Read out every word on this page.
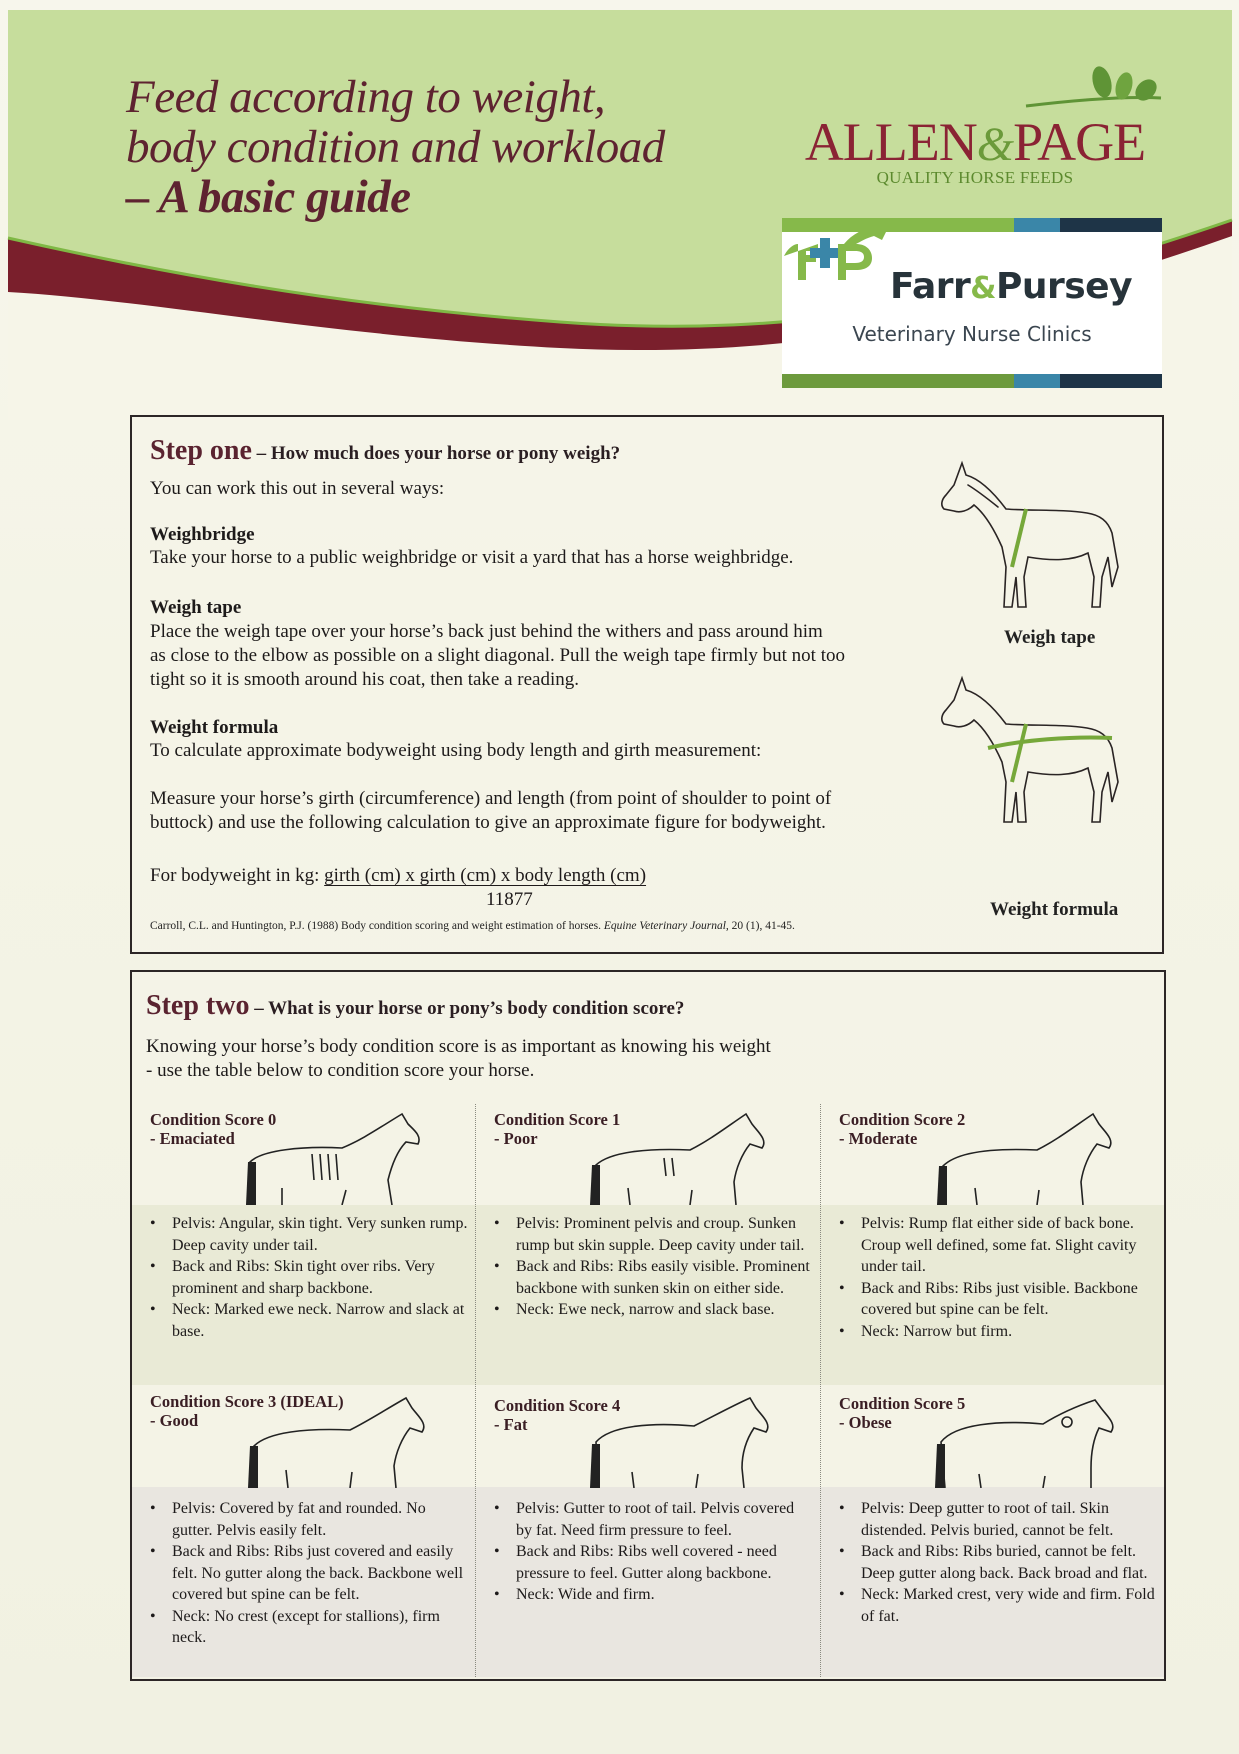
Feed according to weight,
body condition and workload
– A basic guide
ALLEN&PAGE
QUALITY HORSE FEEDS
Farr&Pursey
Veterinary Nurse Clinics
Step one – How much does your horse or pony weigh?
You can work this out in several ways:
Weighbridge
Take your horse to a public weighbridge or visit a yard that has a horse weighbridge.
Weigh tape
Place the weigh tape over your horse’s back just behind the withers and pass around him
as close to the elbow as possible on a slight diagonal. Pull the weigh tape firmly but not too
tight so it is smooth around his coat, then take a reading.
Weight formula
To calculate approximate bodyweight using body length and girth measurement:
Measure your horse’s girth (circumference) and length (from point of shoulder to point of
buttock) and use the following calculation to give an approximate figure for bodyweight.
For bodyweight in kg: girth (cm) x girth (cm) x body length (cm)
11877
Carroll, C.L. and Huntington, P.J. (1988) Body condition scoring and weight estimation of horses. Equine Veterinary Journal, 20 (1), 41-45.
Weigh tape
Weight formula
Step two – What is your horse or pony’s body condition score?
Knowing your horse’s body condition score is as important as knowing his weight
- use the table below to condition score your horse.
Condition Score 0
- Emaciated
• Pelvis: Angular, skin tight. Very sunken rump. Deep cavity under tail.
• Back and Ribs: Skin tight over ribs. Very prominent and sharp backbone.
• Neck: Marked ewe neck. Narrow and slack at base.
Condition Score 1
- Poor
• Pelvis: Prominent pelvis and croup. Sunken rump but skin supple. Deep cavity under tail.
• Back and Ribs: Ribs easily visible. Prominent backbone with sunken skin on either side.
• Neck: Ewe neck, narrow and slack base.
Condition Score 2
- Moderate
• Pelvis: Rump flat either side of back bone. Croup well defined, some fat. Slight cavity under tail.
• Back and Ribs: Ribs just visible. Backbone covered but spine can be felt.
• Neck: Narrow but firm.
Condition Score 3 (IDEAL)
- Good
• Pelvis: Covered by fat and rounded. No gutter. Pelvis easily felt.
• Back and Ribs: Ribs just covered and easily felt. No gutter along the back. Backbone well covered but spine can be felt.
• Neck: No crest (except for stallions), firm neck.
Condition Score 4
- Fat
• Pelvis: Gutter to root of tail. Pelvis covered by fat. Need firm pressure to feel.
• Back and Ribs: Ribs well covered - need pressure to feel. Gutter along backbone.
• Neck: Wide and firm.
Condition Score 5
- Obese
• Pelvis: Deep gutter to root of tail. Skin distended. Pelvis buried, cannot be felt.
• Back and Ribs: Ribs buried, cannot be felt. Deep gutter along back. Back broad and flat.
• Neck: Marked crest, very wide and firm. Fold of fat.
